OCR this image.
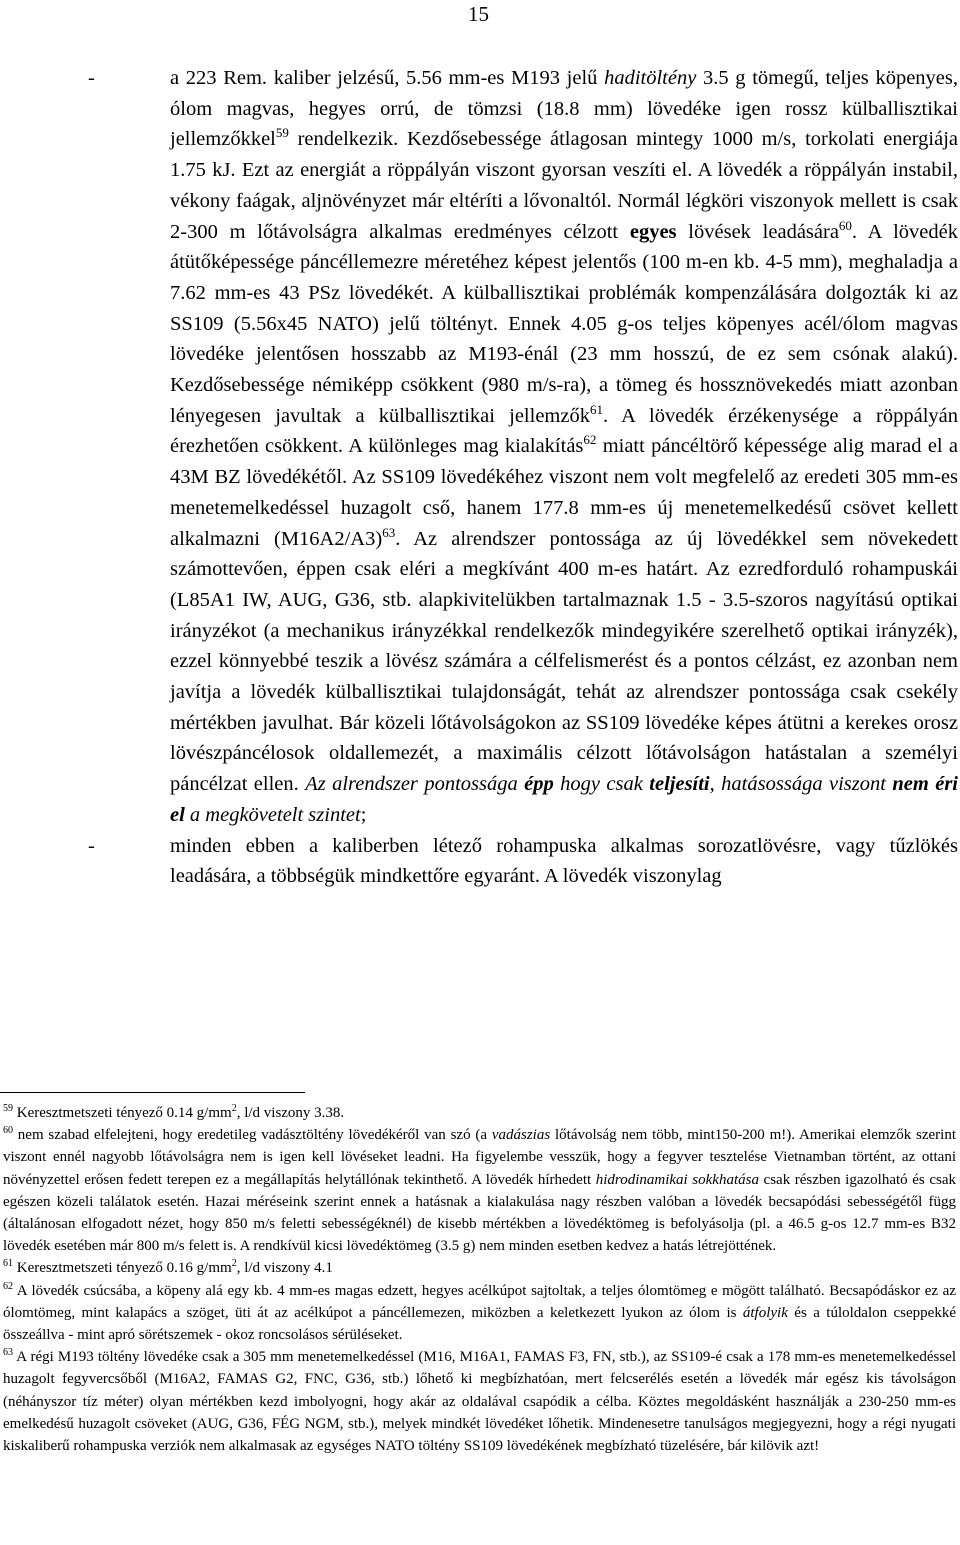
15
-	a 223 Rem. kaliber jelzésű, 5.56 mm-es M193 jelű haditöltény 3.5 g tömegű, teljes köpenyes, ólom magvas, hegyes orrú, de tömzsi (18.8 mm) lövedéke igen rossz külballisztikai jellemzőkkel$^{59}$ rendelkezik. Kezdősebessége átlagosan mintegy 1000 m/s, torkolati energiája 1.75 kJ. Ezt az energiát a röppályán viszont gyorsan veszíti el. A lövedék a röppályán instabil, vékony faágak, aljnövényzet már eltéríti a lővonaltól. Normál légköri viszonyok mellett is csak 2-300 m lőtávolságra alkalmas eredményes célzott egyes lövések leadására$^{60}$. A lövedék átütőképessége páncéllemezre méretéhez képest jelentős (100 m-en kb. 4-5 mm), meghaladja a 7.62 mm-es 43 PSz lövedékét. A külballisztikai problémák kompenzálására dolgozták ki az SS109 (5.56x45 NATO) jelű töltényt. Ennek 4.05 g-os teljes köpenyes acél/ólom magvas lövedéke jelentősen hosszabb az M193-énál (23 mm hosszú, de ez sem csónak alakú). Kezdősebessége némiképp csökkent (980 m/s-ra), a tömeg és hossznövekedés miatt azonban lényegesen javultak a külballisztikai jellemzők$^{61}$. A lövedék érzékenysége a röppályán érezhetően csökkent. A különleges mag kialakítás$^{62}$ miatt páncéltörő képessége alig marad el a 43M BZ lövedékétől. Az SS109 lövedékéhez viszont nem volt megfelelő az eredeti 305 mm-es menetemelkedéssel huzagolt cső, hanem 177.8 mm-es új menetemelkedésű csövet kellett alkalmazni $(M16A2/A3)^{63}$. Az alrendszer pontossága az új lövedékkel sem növekedett számottevően, éppen csak eléri a megkívánt 400 m-es határt. Az ezredforduló rohampuskái (L85A1 IW, AUG, G36, stb. alapkivitelükben tartalmaznak 1.5 - 3.5-szoros nagyítású optikai irányzékot (a mechanikus irányzékkal rendelkezők mindegyikére szerelhető optikai irányzék), ezzel könnyebbé teszik a lövész számára a célfelismerést és a pontos célzást, ez azonban nem javítja a lövedék külballisztikai tulajdonságát, tehát az alrendszer pontossága csak csekély mértékben javulhat. Bár közeli lőtávolságokon az SS109 lövedéke képes átütni a kerekes orosz lövészpáncélosok oldallemezét, a maximális célzott lőtávolságon hatástalan a személyi páncélzat ellen. Az alrendszer pontossága épp hogy csak teljesíti, hatásossága viszont nem éri el a megkövetelt szintet;
-	minden ebben a kaliberben létező rohampuska alkalmas sorozatlövésre, vagy tűzlökés leadására, a többségük mindkettőre egyaránt. A lövedék viszonylag

$^{59}$ Keresztmetszeti tényező 0.14 $g/mm^2$, l/d viszony 3.38.

$^{60}$ nem szabad elfelejteni, hogy eredetileg vadásztöltény lövedékéről van szó (a vadászias lőtávolság nem több, mint150-200 m!). Amerikai elemzők szerint viszont ennél nagyobb lőtávolságra nem is igen kell lövéseket leadni. Ha figyelembe vesszük, hogy a fegyver tesztelése Vietnamban történt, az ottani növényzettel erősen fedett terepen ez a megállapítás helytállónak tekinthető. A lövedék hírhedett hidrodinamikai sokkhatása csak részben igazolható és csak egészen közeli találatok esetén. Hazai méréseink szerint ennek a hatásnak a kialakulása nagy részben valóban a lövedék becsapódási sebességétől függ (általánosan elfogadott nézet, hogy 850 m/s feletti sebességéknél) de kisebb mértékben a lövedéktömeg is befolyásolja (pl. a 46.5 g-os 12.7 mm-es B32 lövedék esetében már 800 m/s felett is. A rendkívül kicsi lövedéktömeg (3.5 g) nem minden esetben kedvez a hatás létrejöttének.

$^{61}$ Keresztmetszeti tényező 0.16 $g/mm^2$, l/d viszony 4.1

$^{62}$ A lövedék csúcsába, a köpeny alá egy kb. 4 mm-es magas edzett, hegyes acélkúpot sajtoltak, a teljes ólomtömeg e mögött található. Becsapódáskor ez az ólomtömeg, mint kalapács a szöget, üti át az acélkúpot a páncéllemezen, miközben a keletkezett lyukon az ólom is átfolyik és a túloldalon cseppekké összeállva - mint apró sörétszemek - okoz roncsolásos sérüléseket.

$^{63}$ A régi M193 töltény lövedéke csak a 305 mm menetemelkedéssel (M16, M16A1, FAMAS F3, FN, stb.), az SS109-é csak a 178 mm-es menetemelkedéssel huzagolt fegyvercsőből (M16A2, FAMAS G2, FNC, G36, stb.) lőhető ki megbízhatóan, mert felcserélés esetén a lövedék már egész kis távolságon (néhányszor tíz méter) olyan mértékben kezd imbolyogni, hogy akár az oldalával csapódik a célba. Köztes megoldásként használják a 230-250 mm-es emelkedésű huzagolt csöveket (AUG, G36, FÉG NGM, stb.), melyek mindkét lövedéket lőhetik. Mindenesetre tanulságos megjegyezni, hogy a régi nyugati kiskaliberű rohampuska verziók nem alkalmasak az egységes NATO töltény SS109 lövedékének megbízható tüzelésére, bár kilövik azt!
